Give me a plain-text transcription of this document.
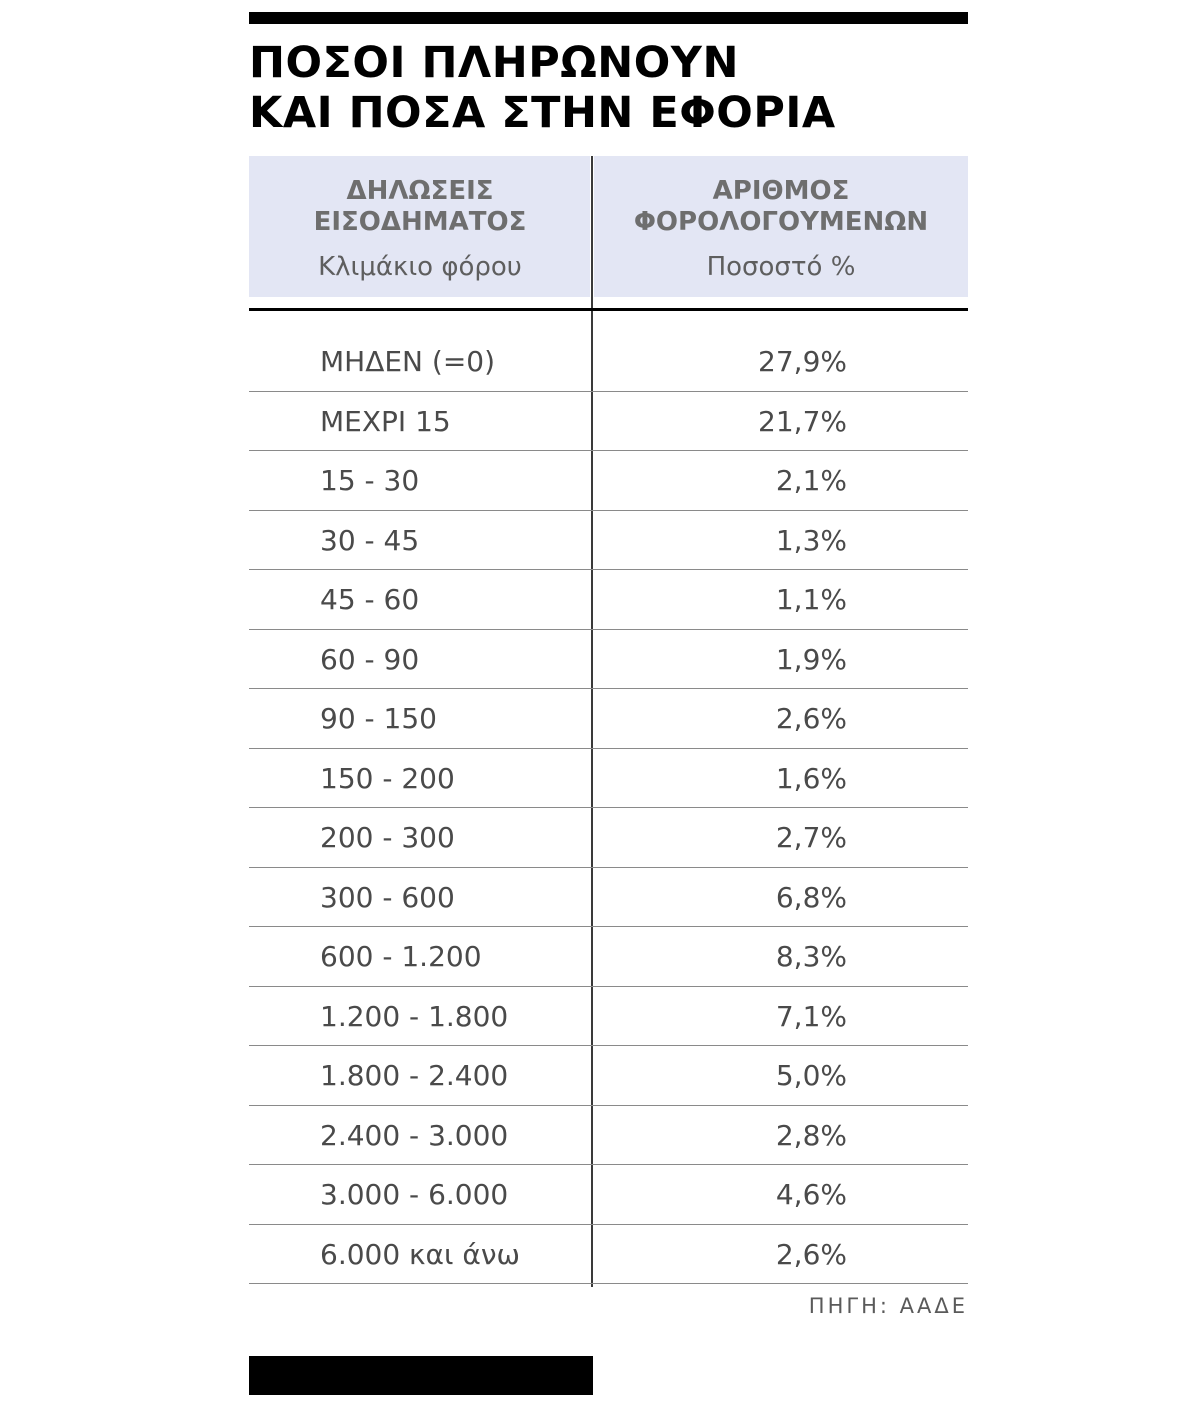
ΠΟΣΟΙ ΠΛΗΡΩΝΟΥΝ
ΚΑΙ ΠΟΣΑ ΣΤΗΝ ΕΦΟΡΙΑ
ΔΗΛΩΣΕΙΣ
ΕΙΣΟΔΗΜΑΤΟΣ
Κλιμάκιο φόρου
ΑΡΙΘΜΟΣ
ΦΟΡΟΛΟΓΟΥΜΕΝΩΝ
Ποσοστό %
ΜΗΔΕΝ (=0)	27,9%
ΜΕΧΡΙ 15	21,7%
15 - 30	2,1%
30 - 45	1,3%
45 - 60	1,1%
60 - 90	1,9%
90 - 150	2,6%
150 - 200	1,6%
200 - 300	2,7%
300 - 600	6,8%
600 - 1.200	8,3%
1.200 - 1.800	7,1%
1.800 - 2.400	5,0%
2.400 - 3.000	2,8%
3.000 - 6.000	4,6%
6.000 και άνω	2,6%
ΠΗΓΗ: ΑΑΔΕ
